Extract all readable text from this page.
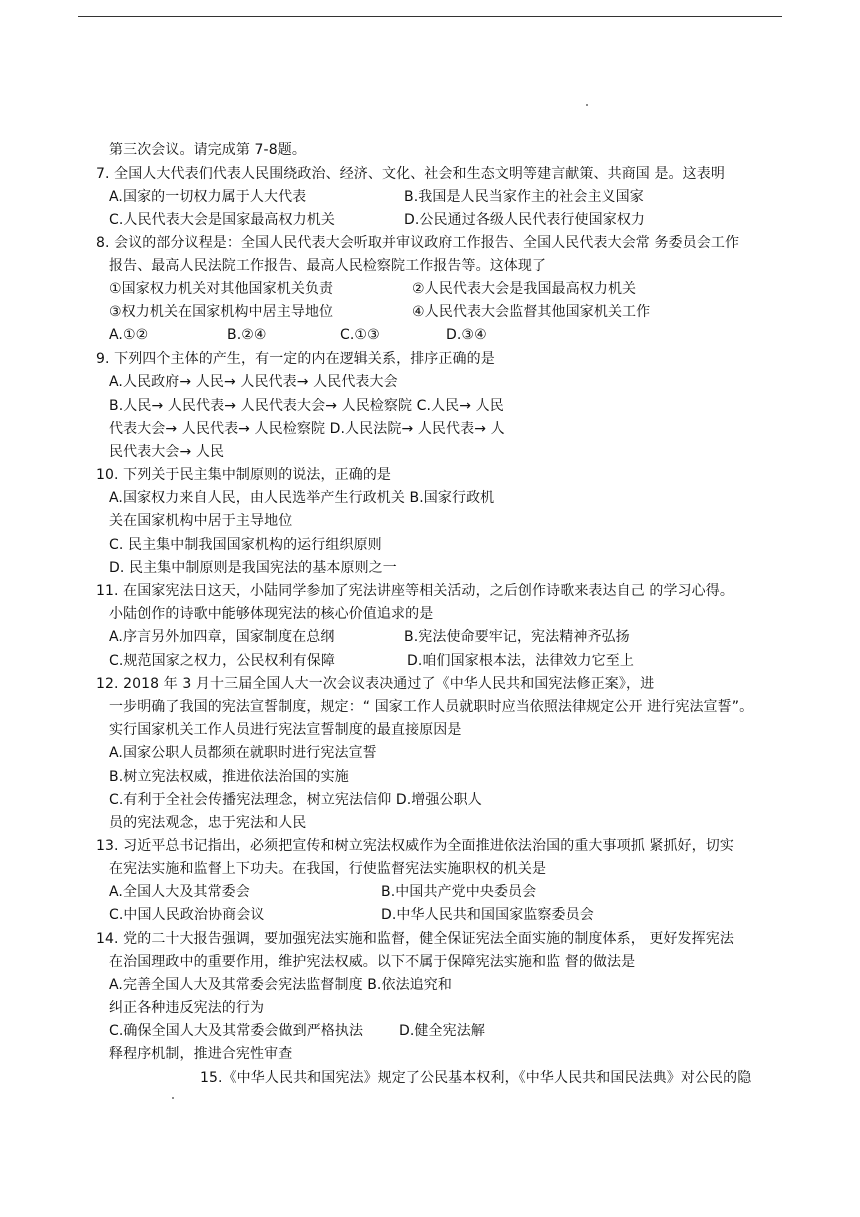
第三次会议。请完成第 7-8题。
7. 全国人大代表们代表人民围绕政治、经济、文化、社会和生态文明等建言献策、共商国 是。这表明
A.国家的一切权力属于人大代表	B.我国是人民当家作主的社会主义国家
C.人民代表大会是国家最高权力机关	D.公民通过各级人民代表行使国家权力
8. 会议的部分议程是：全国人民代表大会听取并审议政府工作报告、全国人民代表大会常 务委员会工作
报告、最高人民法院工作报告、最高人民检察院工作报告等。这体现了
①国家权力机关对其他国家机关负责	②人民代表大会是我国最高权力机关
③权力机关在国家机构中居主导地位	④人民代表大会监督其他国家机关工作
A.①②	B.②④	C.①③	D.③④
9. 下列四个主体的产生，有一定的内在逻辑关系，排序正确的是
A.人民政府→ 人民→ 人民代表→ 人民代表大会
B.人民→ 人民代表→ 人民代表大会→ 人民检察院 C.人民→ 人民
代表大会→ 人民代表→ 人民检察院 D.人民法院→ 人民代表→ 人
民代表大会→ 人民
10. 下列关于民主集中制原则的说法，正确的是
A.国家权力来自人民，由人民选举产生行政机关 B.国家行政机
关在国家机构中居于主导地位
C. 民主集中制我国国家机构的运行组织原则
D. 民主集中制原则是我国宪法的基本原则之一
11. 在国家宪法日这天，小陆同学参加了宪法讲座等相关活动，之后创作诗歌来表达自己 的学习心得。
小陆创作的诗歌中能够体现宪法的核心价值追求的是
A.序言另外加四章，国家制度在总纲	B.宪法使命要牢记，宪法精神齐弘扬
C.规范国家之权力，公民权利有保障	D.咱们国家根本法，法律效力它至上
12. 2018 年 3 月十三届全国人大一次会议表决通过了《中华人民共和国宪法修正案》，进
一步明确了我国的宪法宣誓制度，规定：“ 国家工作人员就职时应当依照法律规定公开 进行宪法宣誓”。
实行国家机关工作人员进行宪法宣誓制度的最直接原因是
A.国家公职人员都须在就职时进行宪法宣誓
B.树立宪法权威，推进依法治国的实施
C.有利于全社会传播宪法理念，树立宪法信仰 D.增强公职人
员的宪法观念，忠于宪法和人民
13. 习近平总书记指出，必须把宣传和树立宪法权威作为全面推进依法治国的重大事项抓 紧抓好，切实
在宪法实施和监督上下功夫。在我国，行使监督宪法实施职权的机关是
A.全国人大及其常委会	B.中国共产党中央委员会
C.中国人民政治协商会议	D.中华人民共和国国家监察委员会
14. 党的二十大报告强调，要加强宪法实施和监督，健全保证宪法全面实施的制度体系， 更好发挥宪法
在治国理政中的重要作用，维护宪法权威。以下不属于保障宪法实施和监 督的做法是
A.完善全国人大及其常委会宪法监督制度 B.依法追究和
纠正各种违反宪法的行为
C.确保全国人大及其常委会做到严格执法	D.健全宪法解
释程序机制，推进合宪性审查
15.《中华人民共和国宪法》规定了公民基本权利，《中华人民共和国民法典》对公民的隐
